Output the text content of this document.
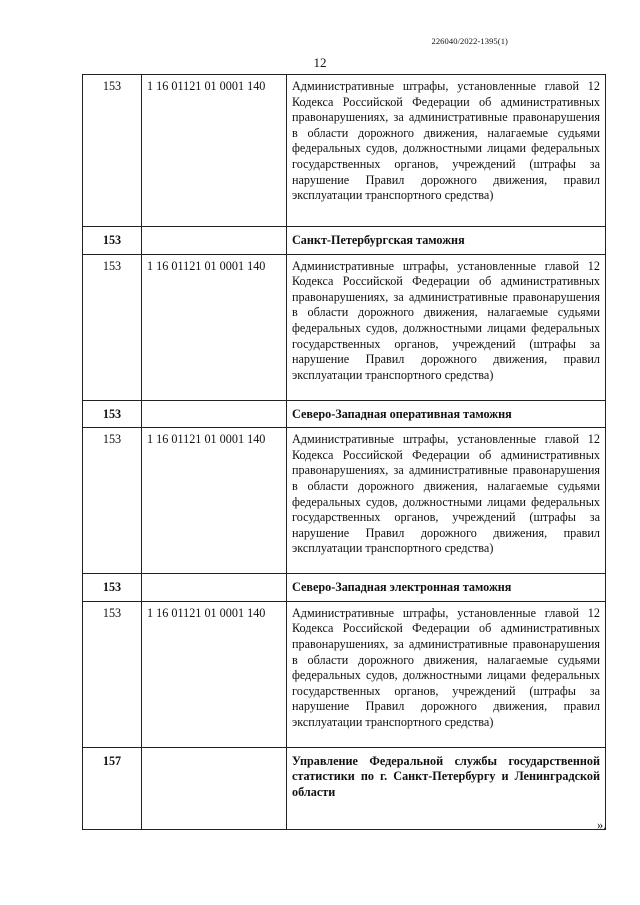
226040/2022-1395(1)
12
153	1 16 01121 01 0001 140	Административные штрафы, установленные главой 12 Кодекса Российской Федерации об административных правонарушениях, за административные правонарушения в области дорожного движения, налагаемые судьями федеральных судов, должностными лицами федеральных государственных органов, учреждений (штрафы за нарушение Правил дорожного движения, правил эксплуатации транспортного средства)
153		Санкт-Петербургская таможня
153	1 16 01121 01 0001 140	Административные штрафы, установленные главой 12 Кодекса Российской Федерации об административных правонарушениях, за административные правонарушения в области дорожного движения, налагаемые судьями федеральных судов, должностными лицами федеральных государственных органов, учреждений (штрафы за нарушение Правил дорожного движения, правил эксплуатации транспортного средства)
153		Северо-Западная оперативная таможня
153	1 16 01121 01 0001 140	Административные штрафы, установленные главой 12 Кодекса Российской Федерации об административных правонарушениях, за административные правонарушения в области дорожного движения, налагаемые судьями федеральных судов, должностными лицами федеральных государственных органов, учреждений (штрафы за нарушение Правил дорожного движения, правил эксплуатации транспортного средства)
153		Северо-Западная электронная таможня
153	1 16 01121 01 0001 140	Административные штрафы, установленные главой 12 Кодекса Российской Федерации об административных правонарушениях, за административные правонарушения в области дорожного движения, налагаемые судьями федеральных судов, должностными лицами федеральных государственных органов, учреждений (штрафы за нарушение Правил дорожного движения, правил эксплуатации транспортного средства)
157		Управление Федеральной службы государственной статистики по г. Санкт-Петербургу и Ленинградской области
».
